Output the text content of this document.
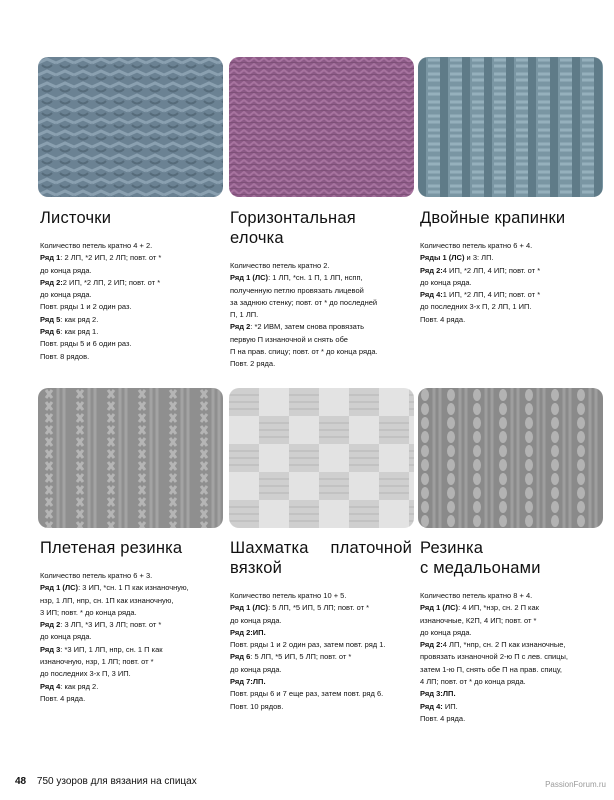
Листочки
Количество петель кратно 4 + 2.
Ряд 1: 2 ЛП, *2 ИП, 2 ЛП; повт. от *
до конца ряда.
Ряд 2:2 ИП, *2 ЛП, 2 ИП; повт. от *
до конца ряда.
Повт. ряды 1 и 2 один раз.
Ряд 5: как ряд 2.
Ряд 6: как ряд 1.
Повт. ряды 5 и 6 один раз.
Повт. 8 рядов.
Горизонтальная
елочка
Количество петель кратно 2.
Ряд 1 (ЛС): 1 ЛП, *сн. 1 П, 1 ЛП, нспп,
полученную петлю провязать лицевой
за заднюю стенку; повт. от * до последней
П, 1 ЛП.
Ряд 2: *2 ИВМ, затем снова провязать
первую П изнаночной и снять обе
П на прав. спицу; повт. от * до конца ряда.
Повт. 2 ряда.
Двойные крапинки
Количество петель кратно 6 + 4.
Ряды 1 (ЛС) и 3: ЛП.
Ряд 2:4 ИП, *2 ЛП, 4 ИП; повт. от *
до конца ряда.
Ряд 4:1 ИП, *2 ЛП, 4 ИП; повт. от *
до последних 3-х П, 2 ЛП, 1 ИП.
Повт. 4 ряда.
Плетеная резинка
Количество петель кратно 6 + 3.
Ряд 1 (ЛС): 3 ИП, *сн. 1 П как изнаночную,
нзр, 1 ЛП, нпр, сн. 1П как изнаночную,
3 ИП; повт. * до конца ряда.
Ряд 2: 3 ЛП, *3 ИП, 3 ЛП; повт. от *
до конца ряда.
Ряд 3: *3 ИП, 1 ЛП, нпр, сн. 1 П как
изнаночную, нзр, 1 ЛП; повт. от *
до последних 3-х П, 3 ИП.
Ряд 4: как ряд 2.
Повт. 4 ряда.
Шахматка платочной
вязкой
Количество петель кратно 10 + 5.
Ряд 1 (ЛС): 5 ЛП, *5 ИП, 5 ЛП; повт. от *
до конца ряда.
Ряд 2:ИП.
Повт. ряды 1 и 2 один раз, затем повт. ряд 1.
Ряд 6: 5 ЛП, *5 ИП, 5 ЛП; повт. от *
до конца ряда.
Ряд 7:ЛП.
Повт. ряды 6 и 7 еще раз, затем повт. ряд 6.
Повт. 10 рядов.
Резинка
с медальонами
Количество петель кратно 8 + 4.
Ряд 1 (ЛС): 4 ИП, *нзр, сн. 2 П как
изнаночные, К2П, 4 ИП; повт. от *
до конца ряда.
Ряд 2:4 ЛП, *нпр, сн. 2 П как изнаночные,
провязать изнаночной 2-ю П с лев. спицы,
затем 1-ю П, снять обе П на прав. спицу,
4 ЛП; повт. от * до конца ряда.
Ряд 3:ЛП.
Ряд 4: ИП.
Повт. 4 ряда.
48 750 узоров для вязания на спицах	PassionForum.ru
